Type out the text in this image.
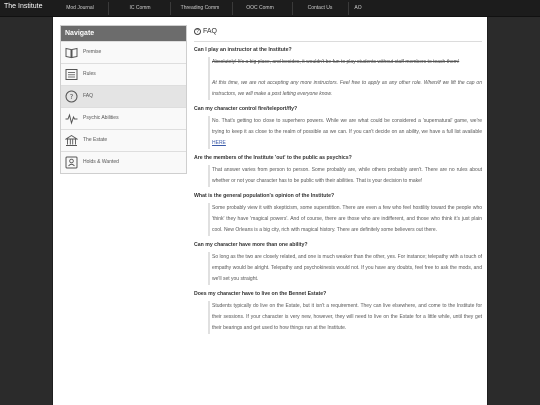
The Institute	Mod Journal	IC Comm	Threading Comm	OOC Comm	Contact Us	AO
Navigate
Premise
Rules
? FAQ
Psychic Abilities
The Estate
Holds & Wanted
? FAQ
Can I play an instructor at the Institute?
Absolutely! It's a big place, and besides, it wouldn't be fun to play students without staff members to teach them!
At this time, we are not accepting any more instructors. Feel free to apply as any other role. When/if we lift the cap on instructors, we will make a post letting everyone know.
Can my character control fire/teleport/fly?
No. That's getting too close to superhero powers. While we are what could be considered a 'supernatural' game, we're trying to keep it as close to the realm of possible as we can. If you can't decide on an ability, we have a full list available HERE
Are the members of the Institute 'out' to the public as psychics?
That answer varies from person to person. Some probably are, while others probably aren't. There are no rules about whether or not your character has to be public with their abilities. That is your decision to make!
What is the general population's opinion of the Institute?
Some probably view it with skepticism, some superstition. There are even a few who feel hostility toward the people who 'think' they have 'magical powers'. And of course, there are those who are indifferent, and those who think it's just plain cool. New Orleans is a big city, rich with magical history. There are definitely some believers out there.
Can my character have more than one ability?
So long as the two are closely related, and one is much weaker than the other, yes. For instance; telepathy with a touch of empathy would be alright. Telepathy and psychokinesis would not. If you have any doubts, feel free to ask the mods, and we'll set you straight.
Does my character have to live on the Bennet Estate?
Students typically do live on the Estate, but it isn't a requirement. They can live elsewhere, and come to the Institute for their sessions. If your character is very new, however, they will need to live on the Estate for a little while, until they get their bearings and get used to how things run at the Institute.
